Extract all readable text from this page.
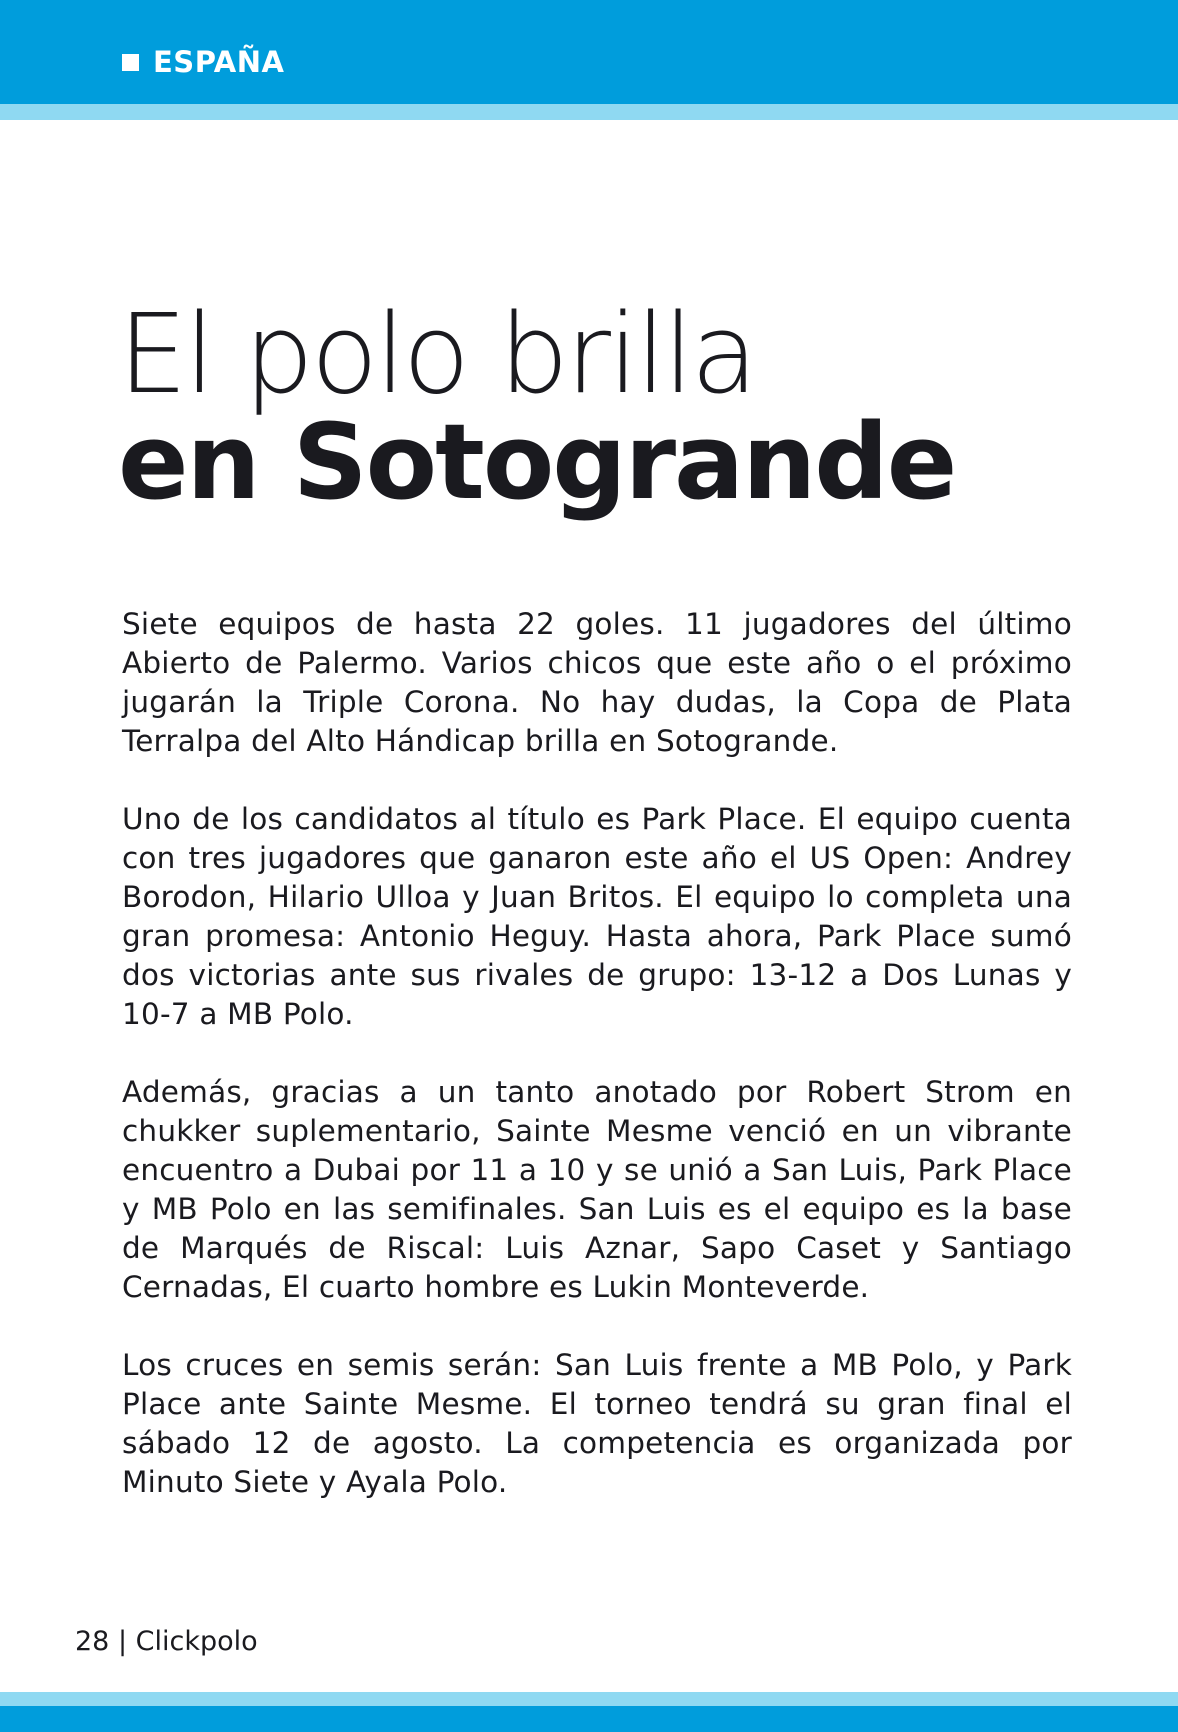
ESPAÑA
El polo brilla
en Sotogrande

Siete equipos de hasta 22 goles. 11 jugadores del último Abierto de Palermo. Varios chicos que este año o el próximo jugarán la Triple Corona. No hay dudas, la Copa de Plata Terralpa del Alto Hándicap brilla en Sotogrande.

Uno de los candidatos al título es Park Place. El equipo cuenta con tres jugadores que ganaron este año el US Open: Andrey Borodon, Hilario Ulloa y Juan Britos. El equipo lo completa una gran promesa: Antonio Heguy. Hasta ahora, Park Place sumó dos victorias ante sus rivales de grupo: 13-12 a Dos Lunas y 10-7 a MB Polo.

Además, gracias a un tanto anotado por Robert Strom en chukker suplementario, Sainte Mesme venció en un vibrante encuentro a Dubai por 11 a 10 y se unió a San Luis, Park Place y MB Polo en las semifinales. San Luis es el equipo es la base de Marqués de Riscal: Luis Aznar, Sapo Caset y Santiago Cernadas, El cuarto hombre es Lukin Monteverde.

Los cruces en semis serán: San Luis frente a MB Polo, y Park Place ante Sainte Mesme. El torneo tendrá su gran final el sábado 12 de agosto. La competencia es organizada por Minuto Siete y Ayala Polo.

28 | Clickpolo
